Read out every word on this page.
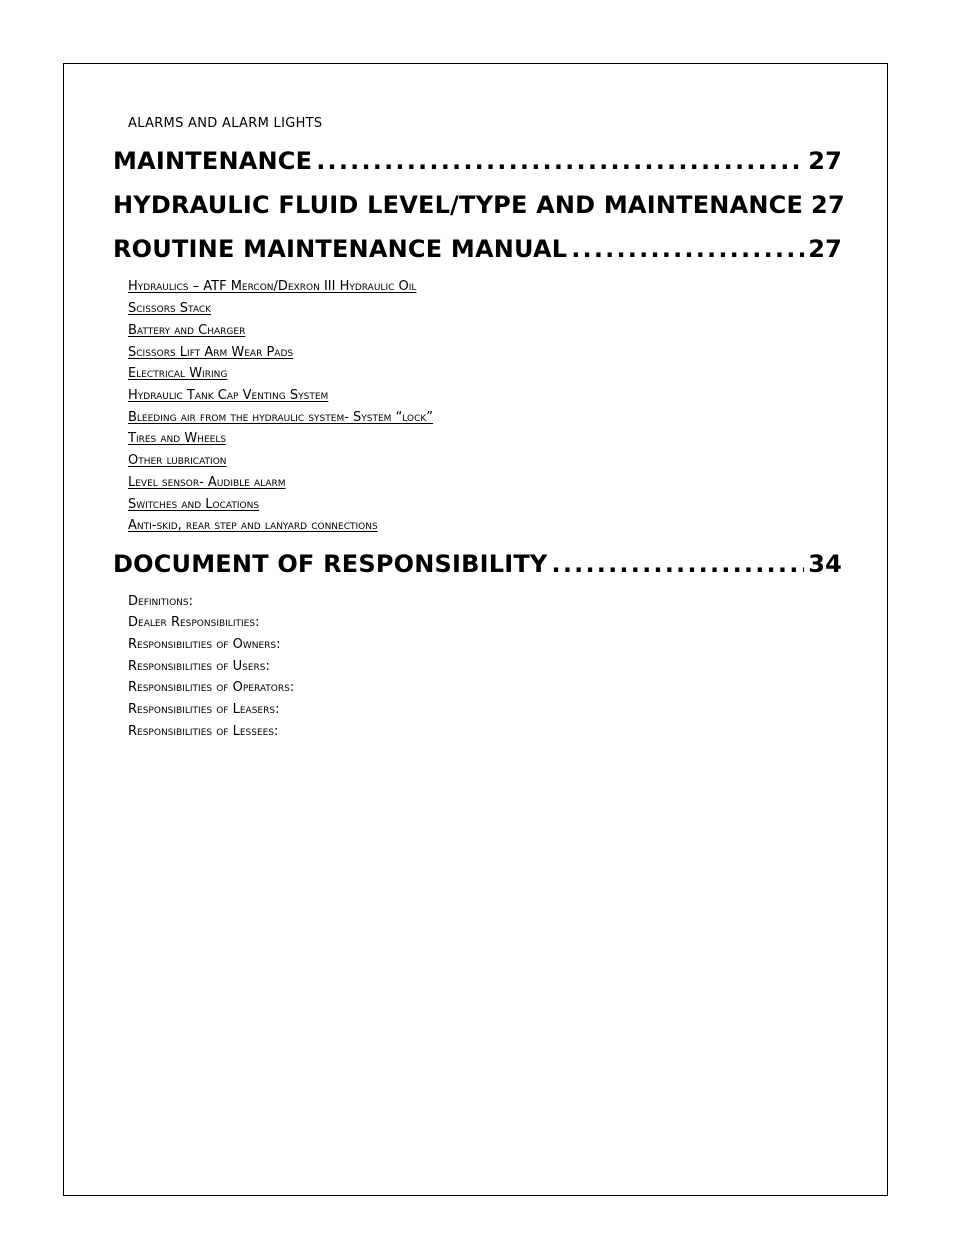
ALARMS AND ALARM LIGHTS
MAINTENANCE .....	27
HYDRAULIC FLUID LEVEL/TYPE AND MAINTENANCE 27
ROUTINE MAINTENANCE MANUAL .....	27
Hydraulics – ATF Mercon/Dexron III Hydraulic Oil
Scissors Stack
Battery and Charger
Scissors Lift Arm Wear Pads
Electrical Wiring
Hydraulic Tank Cap Venting System
Bleeding air from the hydraulic system- System “lock”
Tires and Wheels
Other lubrication
Level sensor- Audible alarm
Switches and Locations
Anti-skid, rear step and lanyard connections
DOCUMENT OF RESPONSIBILITY .....	34
Definitions:
Dealer Responsibilities:
Responsibilities of Owners:
Responsibilities of Users:
Responsibilities of Operators:
Responsibilities of Leasers:
Responsibilities of Lessees:
